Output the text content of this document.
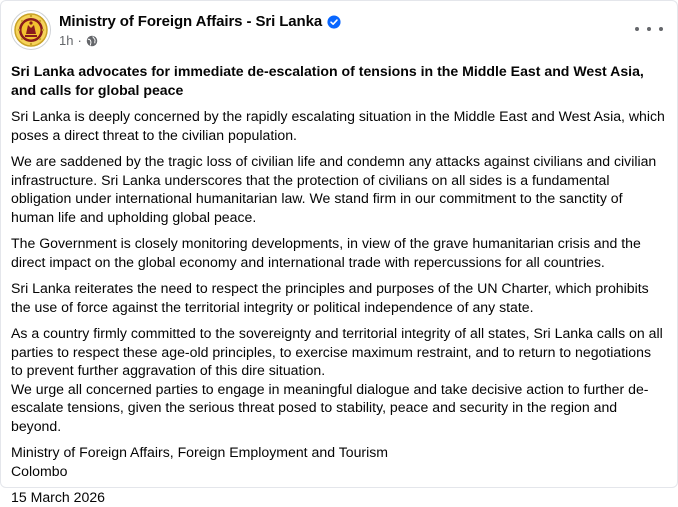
Ministry of Foreign Affairs - Sri Lanka
1h ·
Sri Lanka advocates for immediate de-escalation of tensions in the Middle East and West Asia, and calls for global peace
Sri Lanka is deeply concerned by the rapidly escalating situation in the Middle East and West Asia, which poses a direct threat to the civilian population.
We are saddened by the tragic loss of civilian life and condemn any attacks against civilians and civilian infrastructure. Sri Lanka underscores that the protection of civilians on all sides is a fundamental obligation under international humanitarian law. We stand firm in our commitment to the sanctity of human life and upholding global peace.
The Government is closely monitoring developments, in view of the grave humanitarian crisis and the direct impact on the global economy and international trade with repercussions for all countries.
Sri Lanka reiterates the need to respect the principles and purposes of the UN Charter, which prohibits the use of force against the territorial integrity or political independence of any state.
As a country firmly committed to the sovereignty and territorial integrity of all states, Sri Lanka calls on all parties to respect these age-old principles, to exercise maximum restraint, and to return to negotiations to prevent further aggravation of this dire situation.
We urge all concerned parties to engage in meaningful dialogue and take decisive action to further de-escalate tensions, given the serious threat posed to stability, peace and security in the region and beyond.
Ministry of Foreign Affairs, Foreign Employment and Tourism
Colombo
15 March 2026
